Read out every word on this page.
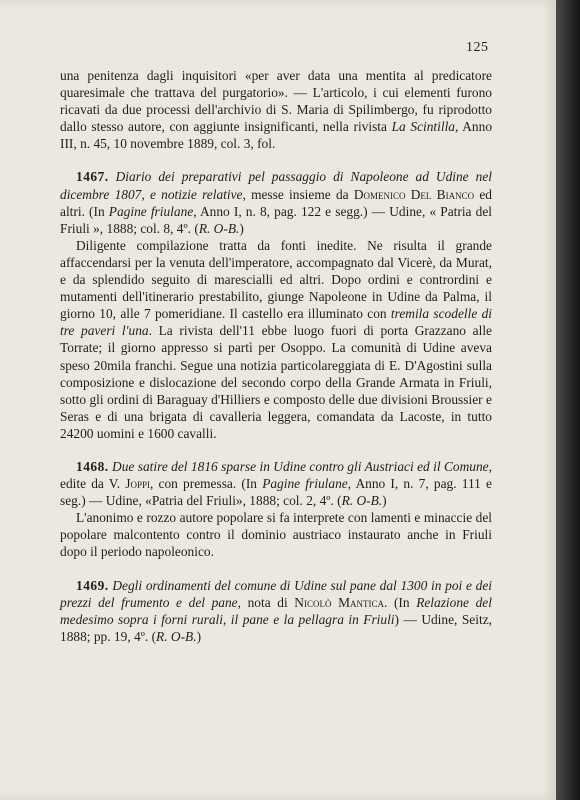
125

una penitenza dagli inquisitori «per aver data una mentita al predicatore quaresimale che trattava del purgatorio». — L'articolo, i cui elementi furono ricavati da due processi dell'archivio di S. Maria di Spilimbergo, fu riprodotto dallo stesso autore, con aggiunte insignificanti, nella rivista La Scintilla, Anno III, n. 45, 10 novembre 1889, col. 3, fol.

1467. Diario dei preparativi pel passaggio di Napoleone ad Udine nel dicembre 1807, e notizie relative, messe insieme da Domenico Del Bianco ed altri. (In Pagine friulane, Anno I, n. 8, pag. 122 e segg.) — Udine, « Patria del Friuli », 1888; col. 8, 4º. (R. O-B.)

Diligente compilazione tratta da fonti inedite. Ne risulta il grande affaccendarsi per la venuta dell'imperatore, accompagnato dal Vicerè, da Murat, e da splendido seguito di marescialli ed altri. Dopo ordini e contrordini e mutamenti dell'itinerario prestabilito, giunge Napoleone in Udine da Palma, il giorno 10, alle 7 pomeridiane. Il castello era illuminato con tremila scodelle di tre paveri l'una. La rivista dell'11 ebbe luogo fuori di porta Grazzano alle Torrate; il giorno appresso si partì per Osoppo. La comunità di Udine aveva speso 20mila franchi. Segue una notizia particolareggiata di E. D'Agostini sulla composizione e dislocazione del secondo corpo della Grande Armata in Friuli, sotto gli ordini di Baraguay d'Hilliers e composto delle due divisioni Broussier e Seras e di una brigata di cavalleria leggera, comandata da Lacoste, in tutto 24200 uomini e 1600 cavalli.

1468. Due satire del 1816 sparse in Udine contro gli Austriaci ed il Comune, edite da V. Joppi, con premessa. (In Pagine friulane, Anno I, n. 7, pag. 111 e seg.) — Udine, «Patria del Friuli», 1888; col. 2, 4º. (R. O-B.)

L'anonimo e rozzo autore popolare si fa interprete con lamenti e minaccie del popolare malcontento contro il dominio austriaco instaurato anche in Friuli dopo il periodo napoleonico.

1469. Degli ordinamenti del comune di Udine sul pane dal 1300 in poi e dei prezzi del frumento e del pane, nota di Nicolò Mantica. (In Relazione del medesimo sopra i forni rurali, il pane e la pellagra in Friuli) — Udine, Seitz, 1888; pp. 19, 4º. (R. O-B.)
